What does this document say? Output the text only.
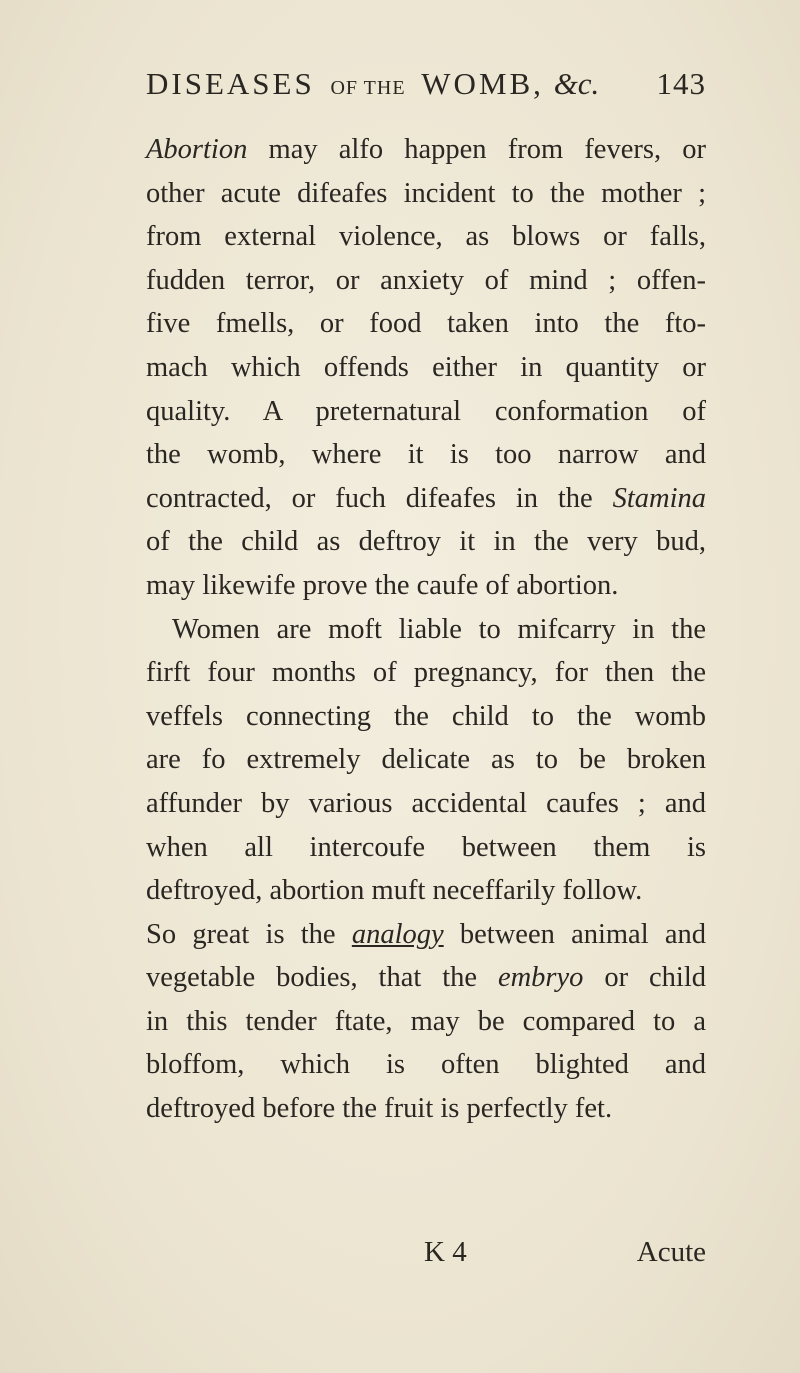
DISEASES OF THE WOMB, &c. 143
Abortion may alfo happen from fevers, or
other acute difeafes incident to the mother ;
from external violence, as blows or falls,
fudden terror, or anxiety of mind ; offen-
five fmells, or food taken into the fto-
mach which offends either in quantity or
quality. A preternatural conformation of
the womb, where it is too narrow and
contracted, or fuch difeafes in the Stamina
of the child as deftroy it in the very bud,
may likewife prove the caufe of abortion.
Women are moft liable to mifcarry in the
firft four months of pregnancy, for then the
veffels connecting the child to the womb
are fo extremely delicate as to be broken
affunder by various accidental caufes ; and
when all intercoufe between them is
deftroyed, abortion muft neceffarily follow.
So great is the analogy between animal and
vegetable bodies, that the embryo or child
in this tender ftate, may be compared to a
bloffom, which is often blighted and
deftroyed before the fruit is perfectly fet.
K 4	Acute
